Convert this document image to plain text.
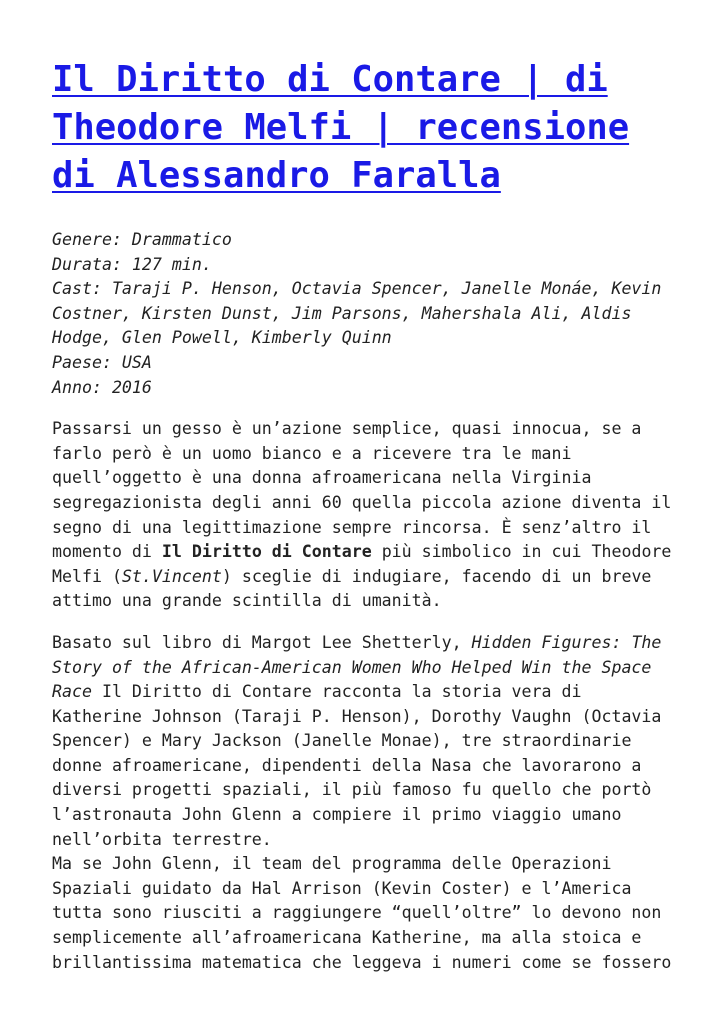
Il Diritto di Contare | di
Theodore Melfi | recensione
di Alessandro Faralla
Genere: Drammatico
Durata: 127 min.
Cast: Taraji P. Henson, Octavia Spencer, Janelle Monáe, Kevin
Costner, Kirsten Dunst, Jim Parsons, Mahershala Ali, Aldis
Hodge, Glen Powell, Kimberly Quinn
Paese: USA
Anno: 2016

Passarsi un gesso è un’azione semplice, quasi innocua, se a
farlo però è un uomo bianco e a ricevere tra le mani
quell’oggetto è una donna afroamericana nella Virginia
segregazionista degli anni 60 quella piccola azione diventa il
segno di una legittimazione sempre rincorsa. È senz’altro il
momento di Il Diritto di Contare più simbolico in cui Theodore
Melfi (St.Vincent) sceglie di indugiare, facendo di un breve
attimo una grande scintilla di umanità.

Basato sul libro di Margot Lee Shetterly, Hidden Figures: The
Story of the African-American Women Who Helped Win the Space
Race Il Diritto di Contare racconta la storia vera di
Katherine Johnson (Taraji P. Henson), Dorothy Vaughn (Octavia
Spencer) e Mary Jackson (Janelle Monae), tre straordinarie
donne afroamericane, dipendenti della Nasa che lavorarono a
diversi progetti spaziali, il più famoso fu quello che portò
l’astronauta John Glenn a compiere il primo viaggio umano
nell’orbita terrestre.

Ma se John Glenn, il team del programma delle Operazioni
Spaziali guidato da Hal Arrison (Kevin Coster) e l’America
tutta sono riusciti a raggiungere “quell’oltre” lo devono non
semplicemente all’afroamericana Katherine, ma alla stoica e
brillantissima matematica che leggeva i numeri come se fossero
